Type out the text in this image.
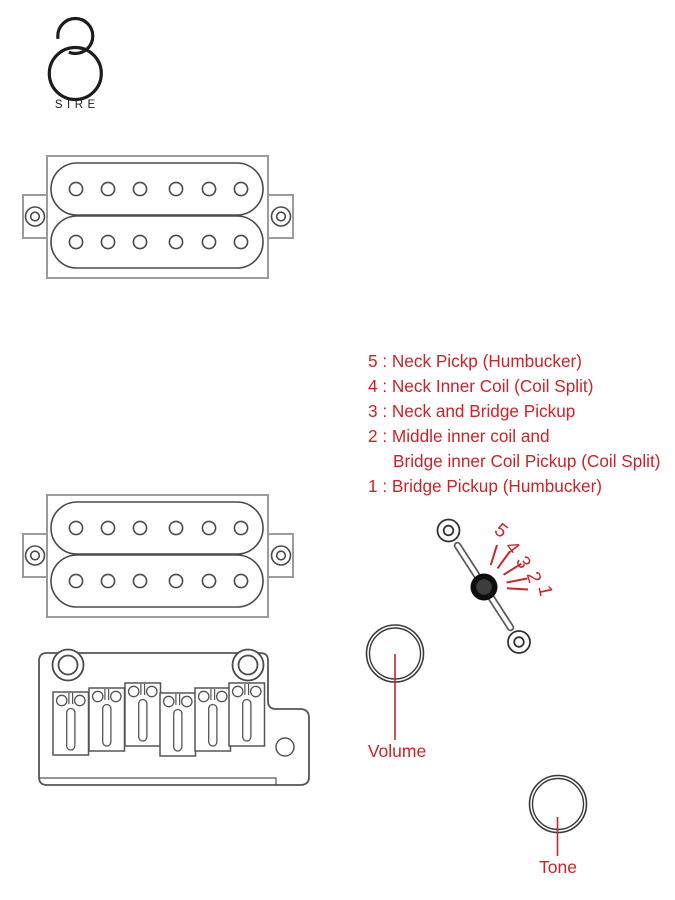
SIRE
5 : Neck Pickp (Humbucker)
4 : Neck Inner Coil (Coil Split)
3 : Neck and Bridge Pickup
2 : Middle inner coil and
Bridge inner Coil Pickup (Coil Split)
1 : Bridge Pickup (Humbucker)
5
4
3
2
1
Volume
Tone
